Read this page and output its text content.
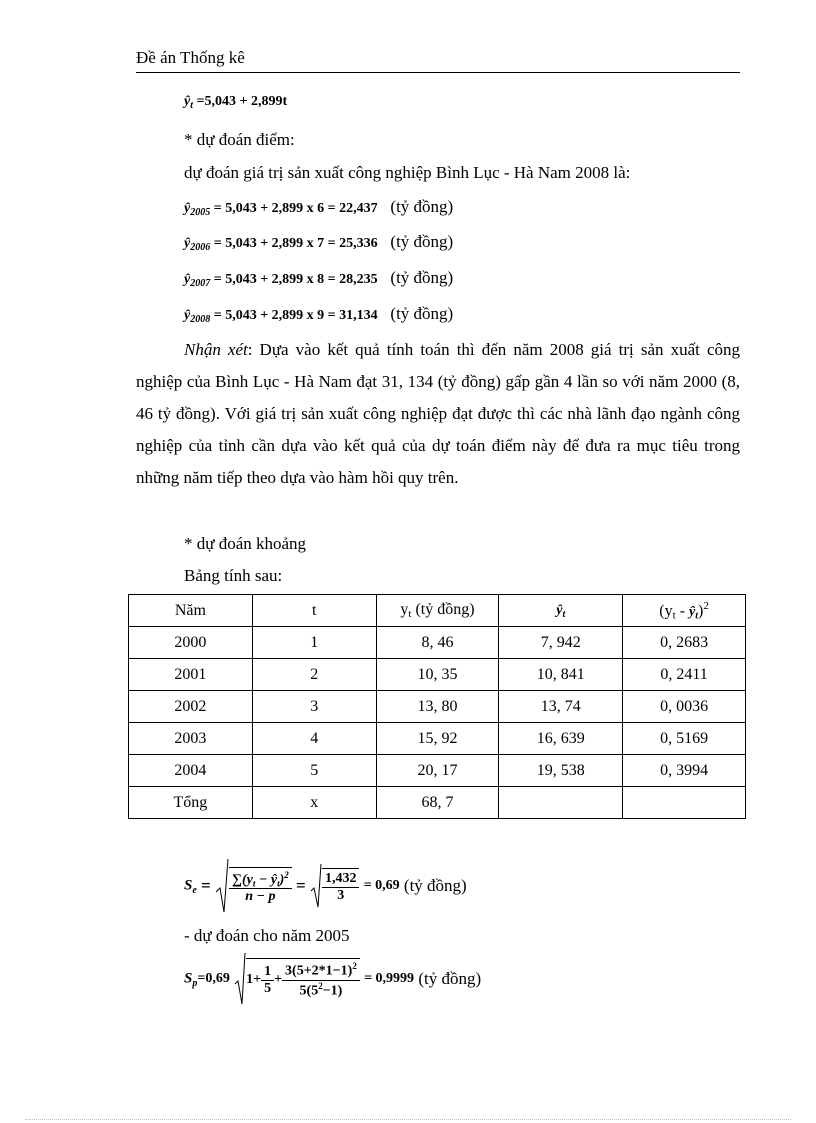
Đề án Thống kê
$ŷ_t =5,043 + 2,899t$
* dự đoán điểm:
dự đoán giá trị sản xuất công nghiệp Bình Lục - Hà Nam 2008 là:
$ŷ_{2005} = 5,043 + 2,899$ x 6 = 22,437 (tỷ đồng)
$ŷ_{2006} = 5,043 + 2,899$ x 7 = 25,336 (tỷ đồng)
$ŷ_{2007} = 5,043 + 2,899$ x 8 = 28,235 (tỷ đồng)
$ŷ_{2008} = 5,043 + 2,899$ x 9 = 31,134 (tỷ đồng)
Nhận xét: Dựa vào kết quả tính toán thì đến năm 2008 giá trị sản xuất công nghiệp của Bình Lục - Hà Nam đạt 31, 134 (tỷ đồng) gấp gần 4 lần so với năm 2000 (8, 46 tỷ đồng). Với giá trị sản xuất công nghiệp đạt được thì các nhà lãnh đạo ngành công nghiệp của tỉnh cần dựa vào kết quả của dự toán điểm này để đưa ra mục tiêu trong những năm tiếp theo dựa vào hàm hồi quy trên.
* dự đoán khoảng
Bảng tính sau:
Năm	t	yt (tỷ đồng)	$ŷ_t$	$(yt - ŷ_t)^2$
2000	1	8, 46	7, 942	0, 2683
2001	2	10, 35	10, 841	0, 2411
2002	3	13, 80	13, 74	0, 0036
2003	4	15, 92	16, 639	0, 5169
2004	5	20, 17	19, 538	0, 3994
Tổng	x	68, 7		
$S_e = \frac{\sum(y_t - ŷ_t)^2}{n - p} = \frac{1,432}{3} = 0,69$ (tỷ đồng)
- dự đoán cho năm 2005
$S_p=0,69$ $1+ \frac{1}{5} + \frac{3(5+2*1-1)^2}{5(5^2-1)} = 0,9999$ (tỷ đồng)
